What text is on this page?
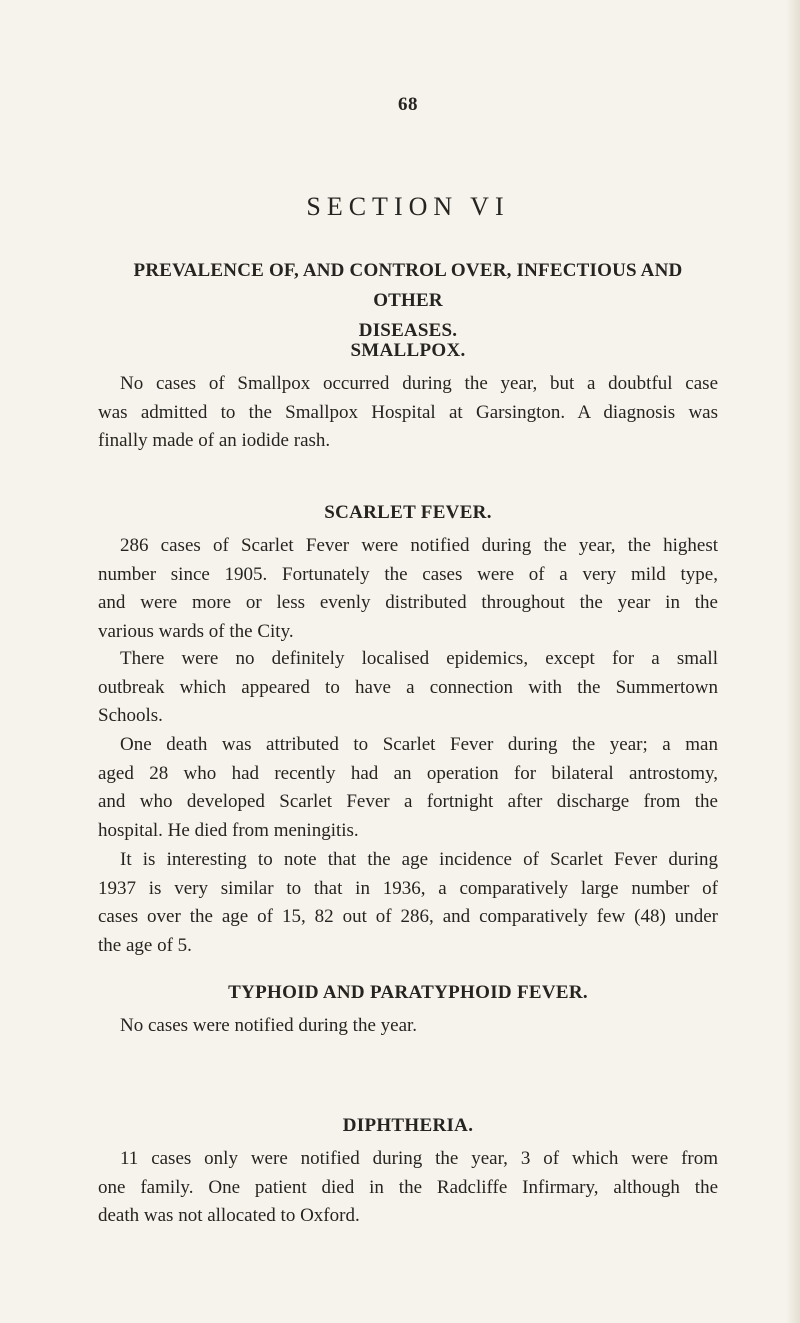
68
SECTION VI
PREVALENCE OF, AND CONTROL OVER, INFECTIOUS AND OTHER
DISEASES.
SMALLPOX.

No cases of Smallpox occurred during the year, but a doubtful case
was admitted to the Smallpox Hospital at Garsington. A diagnosis was
finally made of an iodide rash.

SCARLET FEVER.

286 cases of Scarlet Fever were notified during the year, the highest
number since 1905. Fortunately the cases were of a very mild type,
and were more or less evenly distributed throughout the year in the
various wards of the City.

There were no definitely localised epidemics, except for a small
outbreak which appeared to have a connection with the Summertown
Schools.

One death was attributed to Scarlet Fever during the year; a man
aged 28 who had recently had an operation for bilateral antrostomy,
and who developed Scarlet Fever a fortnight after discharge from the
hospital. He died from meningitis.

It is interesting to note that the age incidence of Scarlet Fever during
1937 is very similar to that in 1936, a comparatively large number of
cases over the age of 15, 82 out of 286, and comparatively few (48) under
the age of 5.

TYPHOID AND PARATYPHOID FEVER.

No cases were notified during the year.

DIPHTHERIA.

11 cases only were notified during the year, 3 of which were from
one family. One patient died in the Radcliffe Infirmary, although the
death was not allocated to Oxford.
